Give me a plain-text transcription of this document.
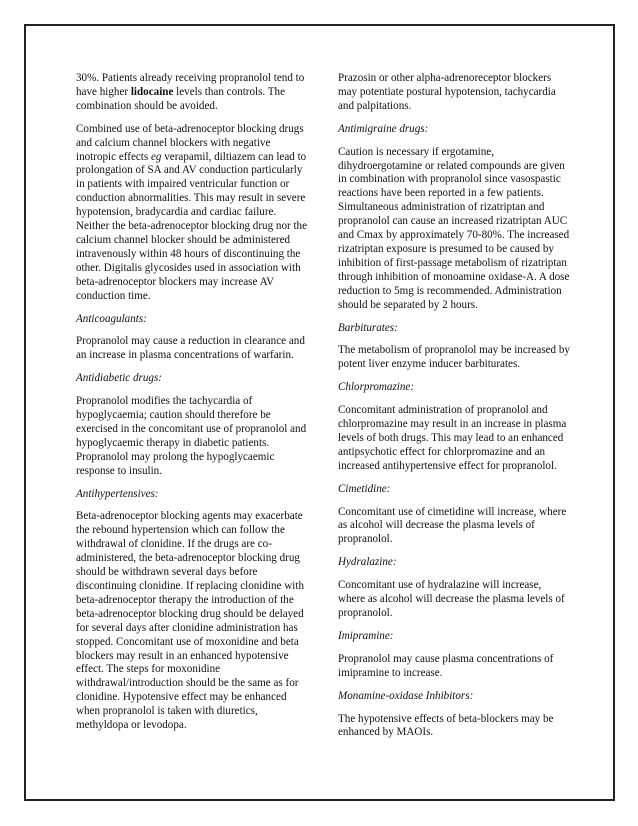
30%. Patients already receiving propranolol tend to have higher lidocaine levels than controls. The combination should be avoided.

Combined use of beta-adrenoceptor blocking drugs and calcium channel blockers with negative inotropic effects eg verapamil, diltiazem can lead to prolongation of SA and AV conduction particularly in patients with impaired ventricular function or conduction abnormalities. This may result in severe hypotension, bradycardia and cardiac failure. Neither the beta-adrenoceptor blocking drug nor the calcium channel blocker should be administered intravenously within 48 hours of discontinuing the other. Digitalis glycosides used in association with beta-adrenoceptor blockers may increase AV conduction time.

Anticoagulants:

Propranolol may cause a reduction in clearance and an increase in plasma concentrations of warfarin.

Antidiabetic drugs:

Propranolol modifies the tachycardia of hypoglycaemia; caution should therefore be exercised in the concomitant use of propranolol and hypoglycaemic therapy in diabetic patients. Propranolol may prolong the hypoglycaemic response to insulin.

Antihypertensives:

Beta-adrenoceptor blocking agents may exacerbate the rebound hypertension which can follow the withdrawal of clonidine. If the drugs are co-administered, the beta-adrenoceptor blocking drug should be withdrawn several days before discontinuing clonidine. If replacing clonidine with beta-adrenoceptor therapy the introduction of the beta-adrenoceptor blocking drug should be delayed for several days after clonidine administration has stopped. Concomitant use of moxonidine and beta blockers may result in an enhanced hypotensive effect. The steps for moxonidine withdrawal/introduction should be the same as for clonidine. Hypotensive effect may be enhanced when propranolol is taken with diuretics, methyldopa or levodopa.

Prazosin or other alpha-adrenoreceptor blockers may potentiate postural hypotension, tachycardia and palpitations.

Antimigraine drugs:

Caution is necessary if ergotamine, dihydroergotamine or related compounds are given in combination with propranolol since vasospastic reactions have been reported in a few patients. Simultaneous administration of rizatriptan and propranolol can cause an increased rizatriptan AUC and Cmax by approximately 70-80%. The increased rizatriptan exposure is presumed to be caused by inhibition of first-passage metabolism of rizatriptan through inhibition of monoamine oxidase-A. A dose reduction to 5mg is recommended. Administration should be separated by 2 hours.

Barbiturates:

The metabolism of propranolol may be increased by potent liver enzyme inducer barbiturates.

Chlorpromazine:

Concomitant administration of propranolol and chlorpromazine may result in an increase in plasma levels of both drugs. This may lead to an enhanced antipsychotic effect for chlorpromazine and an increased antihypertensive effect for propranolol.

Cimetidine:

Concomitant use of cimetidine will increase, where as alcohol will decrease the plasma levels of propranolol.

Hydralazine:

Concomitant use of hydralazine will increase, where as alcohol will decrease the plasma levels of propranolol.

Imipramine:

Propranolol may cause plasma concentrations of imipramine to increase.

Monamine-oxidase Inhibitors:

The hypotensive effects of beta-blockers may be enhanced by MAOIs.
